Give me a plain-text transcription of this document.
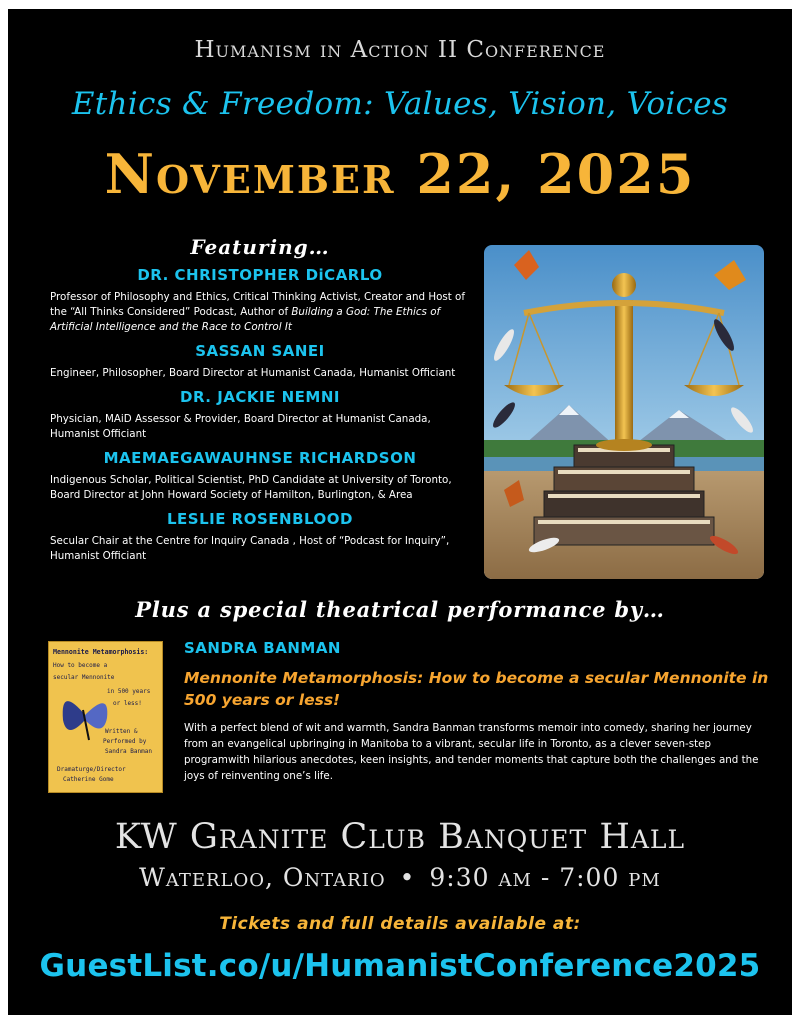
Humanism in Action II Conference
Ethics & Freedom: Values, Vision, Voices
November 22, 2025
Featuring…
DR. CHRISTOPHER DiCARLO
Professor of Philosophy and Ethics, Critical Thinking Activist, Creator and Host of the “All Thinks Considered” Podcast, Author of Building a God: The Ethics of Artificial Intelligence and the Race to Control It
SASSAN SANEI
Engineer, Philosopher, Board Director at Humanist Canada, Humanist Officiant
DR. JACKIE NEMNI
Physician, MAiD Assessor & Provider, Board Director at Humanist Canada, Humanist Officiant
MAEMAEGAWAUHNSE RICHARDSON
Indigenous Scholar, Political Scientist, PhD Candidate at University of Toronto, Board Director at John Howard Society of Hamilton, Burlington, & Area
LESLIE ROSENBLOOD
Secular Chair at the Centre for Inquiry Canada , Host of “Podcast for Inquiry”, Humanist Officiant
Plus a special theatrical performance by…
Mennonite Metamorphosis:
How to become a
secular Mennonite
in 500 years
or less!
Written &
Performed by
Sandra Banman
Dramaturge/Director
Catherine Gome
SANDRA BANMAN
Mennonite Metamorphosis: How to become a secular Mennonite in 500 years or less!
With a perfect blend of wit and warmth, Sandra Banman transforms memoir into comedy, sharing her journey from an evangelical upbringing in Manitoba to a vibrant, secular life in Toronto, as a clever seven-step programwith hilarious anecdotes, keen insights, and tender moments that capture both the challenges and the joys of reinventing one’s life.
KW Granite Club Banquet Hall
Waterloo, Ontario • 9:30 am - 7:00 pm
Tickets and full details available at:
GuestList.co/u/HumanistConference2025
